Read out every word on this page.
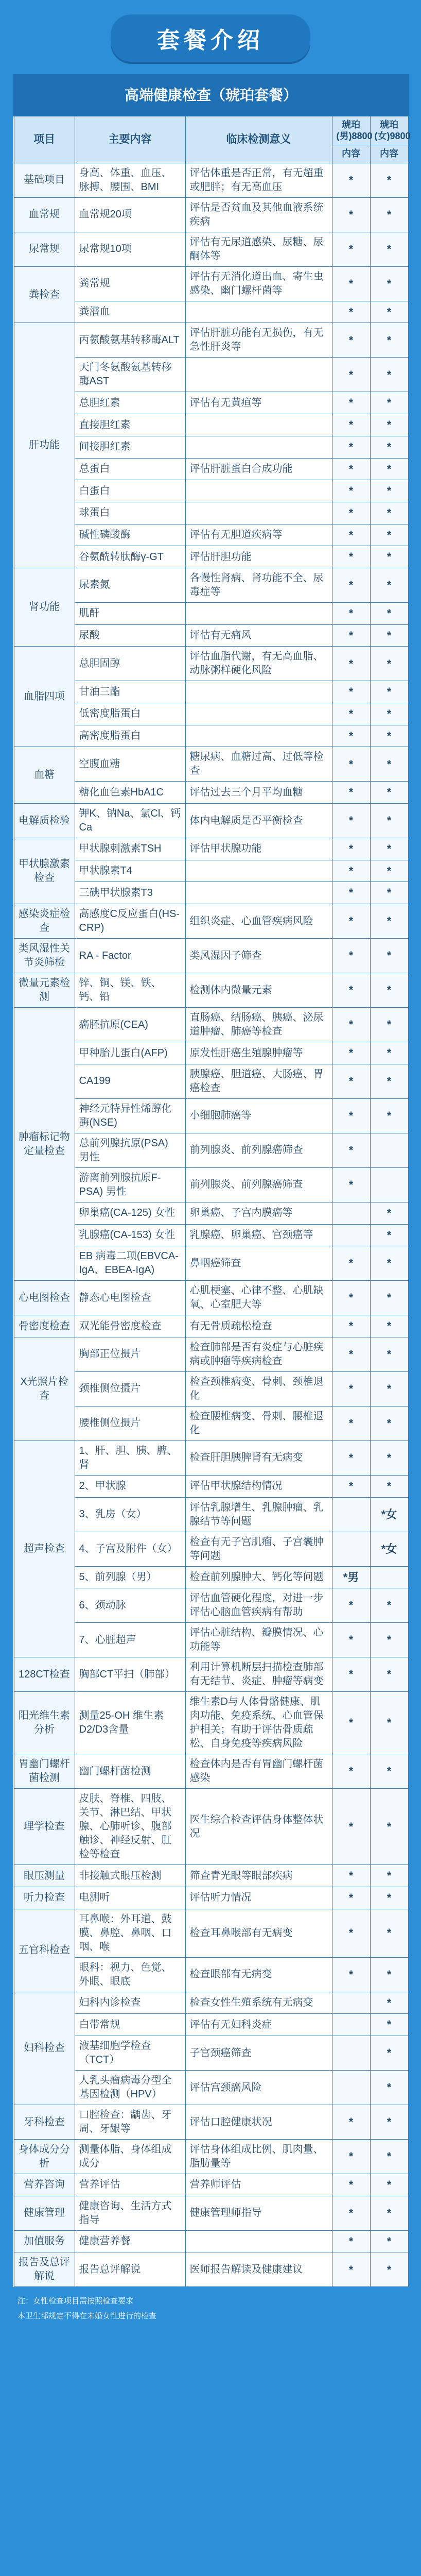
套餐介绍
高端健康检查（琥珀套餐）				
项目	主要内容	临床检测意义	琥珀(男)8800	琥珀(女)9800
			内容	内容
基础项目	身高、体重、血压、脉搏、腰围、BMI	评估体重是否正常，有无超重或肥胖；有无高血压	*	*
血常规	血常规20项	评估是否贫血及其他血液系统疾病	*	*
尿常规	尿常规10项	评估有无尿道感染、尿糖、尿酮体等	*	*
粪检查	粪常规	评估有无消化道出血、寄生虫感染、幽门螺杆菌等	*	*
	粪潜血		*	*
肝功能	丙氨酸氨基转移酶ALT	评估肝脏功能有无损伤，有无急性肝炎等	*	*
	天门冬氨酸氨基转移酶AST		*	*
	总胆红素	评估有无黄疸等	*	*
	直接胆红素		*	*
	间接胆红素		*	*
	总蛋白	评估肝脏蛋白合成功能	*	*
	白蛋白		*	*
	球蛋白		*	*
	碱性磷酸酶	评估有无胆道疾病等	*	*
	谷氨酰转肽酶γ-GT	评估肝胆功能	*	*
肾功能	尿素氮	各慢性肾病、肾功能不全、尿毒症等	*	*
	肌酐		*	*
	尿酸	评估有无痛风	*	*
血脂四项	总胆固醇	评估血脂代谢，有无高血脂、动脉粥样硬化风险	*	*
	甘油三酯		*	*
	低密度脂蛋白		*	*
	高密度脂蛋白		*	*
血糖	空腹血糖	糖尿病、血糖过高、过低等检查	*	*
	糖化血色素HbA1C	评估过去三个月平均血糖	*	*
电解质检验	钾K、钠Na、氯Cl、钙Ca	体内电解质是否平衡检查	*	*
甲状腺激素检查	甲状腺刺激素TSH	评估甲状腺功能	*	*
	甲状腺素T4		*	*
	三碘甲状腺素T3		*	*
感染炎症检查	高感度C反应蛋白(HS-CRP)	组织炎症、心血管疾病风险	*	*
类风湿性关节炎筛检	RA - Factor	类风湿因子筛查	*	*
微量元素检测	锌、铜、镁、铁、钙、铅	检测体内微量元素	*	*
肿瘤标记物定量检查	癌胚抗原(CEA)	直肠癌、结肠癌、胰癌、泌尿道肿瘤、肺癌等检查	*	*
	甲种胎儿蛋白(AFP)	原发性肝癌生殖腺肿瘤等	*	*
	CA199	胰腺癌、胆道癌、大肠癌、胃癌检查	*	*
	神经元特异性烯醇化酶(NSE)	小细胞肺癌等	*	*
	总前列腺抗原(PSA) 男性	前列腺炎、前列腺癌筛查	*	
	游离前列腺抗原F-PSA) 男性	前列腺炎、前列腺癌筛查	*	
	卵巢癌(CA-125) 女性	卵巢癌、子宫内膜癌等		*
	乳腺癌(CA-153) 女性	乳腺癌、卵巢癌、宫颈癌等		*
	EB 病毒二项(EBVCA-IgA、EBEA-IgA)	鼻咽癌筛查	*	*
心电图检查	静态心电图检查	心肌梗塞、心律不整、心肌缺氧、心室肥大等	*	*
骨密度检查	双光能骨密度检查	有无骨质疏松检查	*	*
X光照片检查	胸部正位摄片	检查肺部是否有炎症与心脏疾病或肿瘤等疾病检查	*	*
	颈椎侧位摄片	检查颈椎病变、骨刺、颈椎退化	*	*
	腰椎侧位摄片	检查腰椎病变、骨刺、腰椎退化	*	*
超声检查	1、肝、胆、胰、脾、肾	检查肝胆胰脾肾有无病变	*	*
	2、甲状腺	评估甲状腺结构情况	*	*
	3、乳房（女）	评估乳腺增生、乳腺肿瘤、乳腺结节等问题		*女
	4、子宫及附件（女）	检查有无子宫肌瘤、子宫囊肿等问题		*女
	5、前列腺（男）	检查前列腺肿大、钙化等问题	*男	
	6、颈动脉	评估血管硬化程度，对进一步评估心脑血管疾病有帮助	*	*
	7、心脏超声	评估心脏结构、瓣膜情况、心功能等	*	*
128CT检查	胸部CT平扫（肺部）	利用计算机断层扫描检查肺部有无结节、炎症、肿瘤等病变	*	*
阳光维生素分析	测量25-OH 维生素D2/D3含量	维生素D与人体骨骼健康、肌肉功能、免疫系统、心血管保护相关；有助于评估骨质疏松、自身免疫等疾病风险	*	*
胃幽门螺杆菌检测	幽门螺杆菌检测	检查体内是否有胃幽门螺杆菌感染	*	*
理学检查	皮肤、脊椎、四肢、关节、淋巴结、甲状腺、心肺听诊、腹部触诊、神经反射、肛检等检查	医生综合检查评估身体整体状况	*	*
眼压测量	非接触式眼压检测	筛查青光眼等眼部疾病	*	*
听力检查	电测听	评估听力情况	*	*
五官科检查	耳鼻喉：外耳道、鼓膜、鼻腔、鼻咽、口咽、喉	检查耳鼻喉部有无病变	*	*
	眼科：视力、色觉、外眼、眼底	检查眼部有无病变	*	*
妇科检查	妇科内诊检查	检查女性生殖系统有无病变		*
	白带常规	评估有无妇科炎症		*
	液基细胞学检查（TCT）	子宫颈癌筛查		*
	人乳头瘤病毒分型全基因检测（HPV）	评估宫颈癌风险		*
牙科检查	口腔检查：龋齿、牙周、牙龈等	评估口腔健康状况	*	*
身体成分分析	测量体脂、身体组成成分	评估身体组成比例、肌肉量、脂肪量等	*	*
营养咨询	营养评估	营养师评估	*	*
健康管理	健康咨询、生活方式指导	健康管理师指导	*	*
加值服务	健康营养餐		*	*
报告及总评解说	报告总评解说	医师报告解读及健康建议	*	*
注：女性检查项目需按照检查要求
本卫生部规定不得在未婚女性进行的检查
